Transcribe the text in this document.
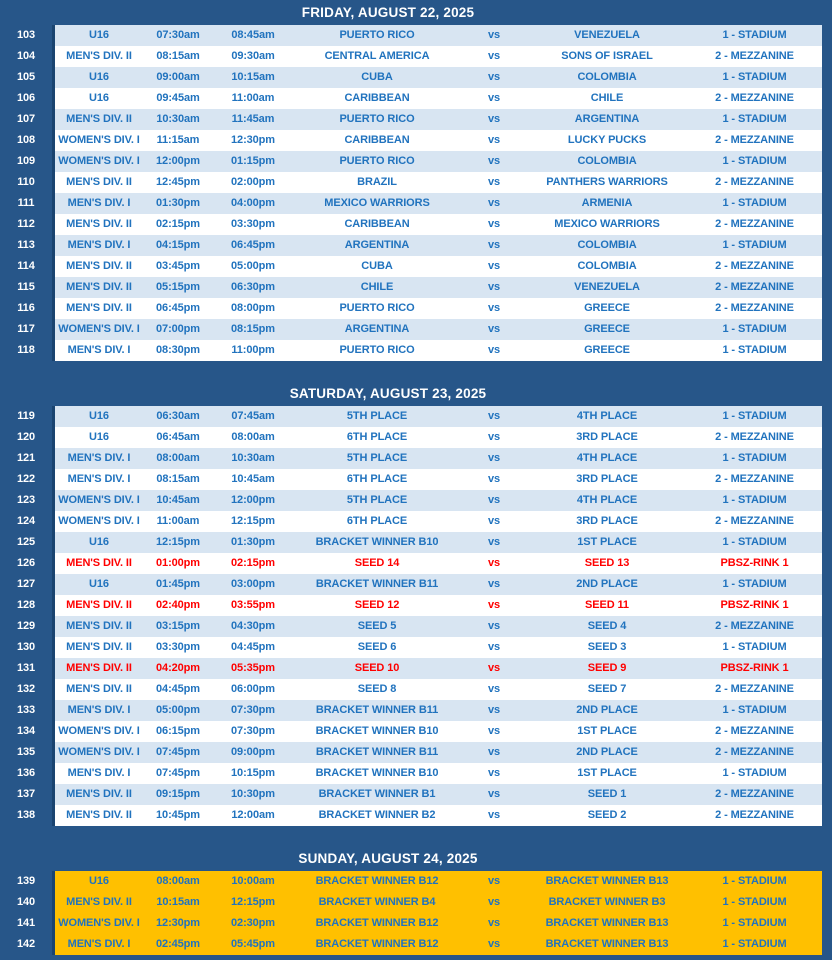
FRIDAY, AUGUST 22, 2025
103	U16	07:30am	08:45am	PUERTO RICO	vs	VENEZUELA	1 - STADIUM
104	MEN'S DIV. II	08:15am	09:30am	CENTRAL AMERICA	vs	SONS OF ISRAEL	2 - MEZZANINE
105	U16	09:00am	10:15am	CUBA	vs	COLOMBIA	1 - STADIUM
106	U16	09:45am	11:00am	CARIBBEAN	vs	CHILE	2 - MEZZANINE
107	MEN'S DIV. II	10:30am	11:45am	PUERTO RICO	vs	ARGENTINA	1 - STADIUM
108	WOMEN'S DIV. I	11:15am	12:30pm	CARIBBEAN	vs	LUCKY PUCKS	2 - MEZZANINE
109	WOMEN'S DIV. I	12:00pm	01:15pm	PUERTO RICO	vs	COLOMBIA	1 - STADIUM
110	MEN'S DIV. II	12:45pm	02:00pm	BRAZIL	vs	PANTHERS WARRIORS	2 - MEZZANINE
111	MEN'S DIV. I	01:30pm	04:00pm	MEXICO WARRIORS	vs	ARMENIA	1 - STADIUM
112	MEN'S DIV. II	02:15pm	03:30pm	CARIBBEAN	vs	MEXICO WARRIORS	2 - MEZZANINE
113	MEN'S DIV. I	04:15pm	06:45pm	ARGENTINA	vs	COLOMBIA	1 - STADIUM
114	MEN'S DIV. II	03:45pm	05:00pm	CUBA	vs	COLOMBIA	2 - MEZZANINE
115	MEN'S DIV. II	05:15pm	06:30pm	CHILE	vs	VENEZUELA	2 - MEZZANINE
116	MEN'S DIV. II	06:45pm	08:00pm	PUERTO RICO	vs	GREECE	2 - MEZZANINE
117	WOMEN'S DIV. I	07:00pm	08:15pm	ARGENTINA	vs	GREECE	1 - STADIUM
118	MEN'S DIV. I	08:30pm	11:00pm	PUERTO RICO	vs	GREECE	1 - STADIUM
SATURDAY, AUGUST 23, 2025
119	U16	06:30am	07:45am	5TH PLACE	vs	4TH PLACE	1 - STADIUM
120	U16	06:45am	08:00am	6TH PLACE	vs	3RD PLACE	2 - MEZZANINE
121	MEN'S DIV. I	08:00am	10:30am	5TH PLACE	vs	4TH PLACE	1 - STADIUM
122	MEN'S DIV. I	08:15am	10:45am	6TH PLACE	vs	3RD PLACE	2 - MEZZANINE
123	WOMEN'S DIV. I	10:45am	12:00pm	5TH PLACE	vs	4TH PLACE	1 - STADIUM
124	WOMEN'S DIV. I	11:00am	12:15pm	6TH PLACE	vs	3RD PLACE	2 - MEZZANINE
125	U16	12:15pm	01:30pm	BRACKET WINNER B10	vs	1ST PLACE	1 - STADIUM
126	MEN'S DIV. II	01:00pm	02:15pm	SEED 14	vs	SEED 13	PBSZ-RINK 1
127	U16	01:45pm	03:00pm	BRACKET WINNER B11	vs	2ND PLACE	1 - STADIUM
128	MEN'S DIV. II	02:40pm	03:55pm	SEED 12	vs	SEED 11	PBSZ-RINK 1
129	MEN'S DIV. II	03:15pm	04:30pm	SEED 5	vs	SEED 4	2 - MEZZANINE
130	MEN'S DIV. II	03:30pm	04:45pm	SEED 6	vs	SEED 3	1 - STADIUM
131	MEN'S DIV. II	04:20pm	05:35pm	SEED 10	vs	SEED 9	PBSZ-RINK 1
132	MEN'S DIV. II	04:45pm	06:00pm	SEED 8	vs	SEED 7	2 - MEZZANINE
133	MEN'S DIV. I	05:00pm	07:30pm	BRACKET WINNER B11	vs	2ND PLACE	1 - STADIUM
134	WOMEN'S DIV. I	06:15pm	07:30pm	BRACKET WINNER B10	vs	1ST PLACE	2 - MEZZANINE
135	WOMEN'S DIV. I	07:45pm	09:00pm	BRACKET WINNER B11	vs	2ND PLACE	2 - MEZZANINE
136	MEN'S DIV. I	07:45pm	10:15pm	BRACKET WINNER B10	vs	1ST PLACE	1 - STADIUM
137	MEN'S DIV. II	09:15pm	10:30pm	BRACKET WINNER B1	vs	SEED 1	2 - MEZZANINE
138	MEN'S DIV. II	10:45pm	12:00am	BRACKET WINNER B2	vs	SEED 2	2 - MEZZANINE
SUNDAY, AUGUST 24, 2025
139	U16	08:00am	10:00am	BRACKET WINNER B12	vs	BRACKET WINNER B13	1 - STADIUM
140	MEN'S DIV. II	10:15am	12:15pm	BRACKET WINNER B4	vs	BRACKET WINNER B3	1 - STADIUM
141	WOMEN'S DIV. I	12:30pm	02:30pm	BRACKET WINNER B12	vs	BRACKET WINNER B13	1 - STADIUM
142	MEN'S DIV. I	02:45pm	05:45pm	BRACKET WINNER B12	vs	BRACKET WINNER B13	1 - STADIUM
